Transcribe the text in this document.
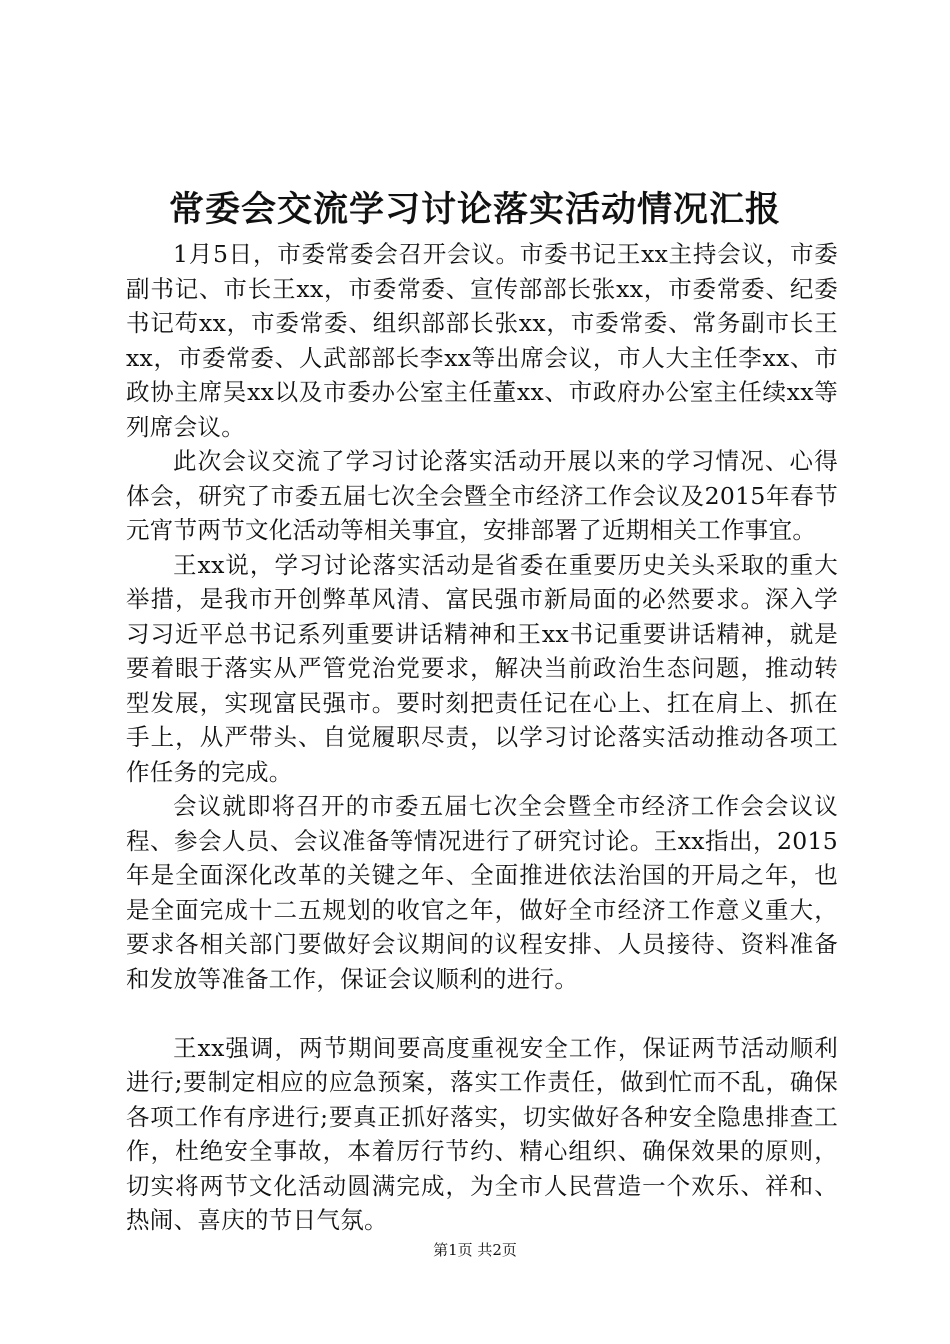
常委会交流学习讨论落实活动情况汇报

1月5日，市委常委会召开会议。市委书记王xx主持会议，市委副书记、市长王xx，市委常委、宣传部部长张xx，市委常委、纪委书记苟xx，市委常委、组织部部长张xx，市委常委、常务副市长王xx，市委常委、人武部部长李xx等出席会议，市人大主任李xx、市政协主席吴xx以及市委办公室主任董xx、市政府办公室主任续xx等列席会议。

此次会议交流了学习讨论落实活动开展以来的学习情况、心得体会，研究了市委五届七次全会暨全市经济工作会议及2015年春节元宵节两节文化活动等相关事宜，安排部署了近期相关工作事宜。

王xx说，学习讨论落实活动是省委在重要历史关头采取的重大举措，是我市开创弊革风清、富民强市新局面的必然要求。深入学习习近平总书记系列重要讲话精神和王xx书记重要讲话精神，就是要着眼于落实从严管党治党要求，解决当前政治生态问题，推动转型发展，实现富民强市。要时刻把责任记在心上、扛在肩上、抓在手上，从严带头、自觉履职尽责，以学习讨论落实活动推动各项工作任务的完成。

会议就即将召开的市委五届七次全会暨全市经济工作会会议议程、参会人员、会议准备等情况进行了研究讨论。王xx指出，2015年是全面深化改革的关键之年、全面推进依法治国的开局之年，也是全面完成十二五规划的收官之年，做好全市经济工作意义重大，要求各相关部门要做好会议期间的议程安排、人员接待、资料准备和发放等准备工作，保证会议顺利的进行。

王xx强调，两节期间要高度重视安全工作，保证两节活动顺利进行;要制定相应的应急预案，落实工作责任，做到忙而不乱，确保各项工作有序进行;要真正抓好落实，切实做好各种安全隐患排查工作，杜绝安全事故，本着厉行节约、精心组织、确保效果的原则，切实将两节文化活动圆满完成，为全市人民营造一个欢乐、祥和、热闹、喜庆的节日气氛。

第1页 共2页
